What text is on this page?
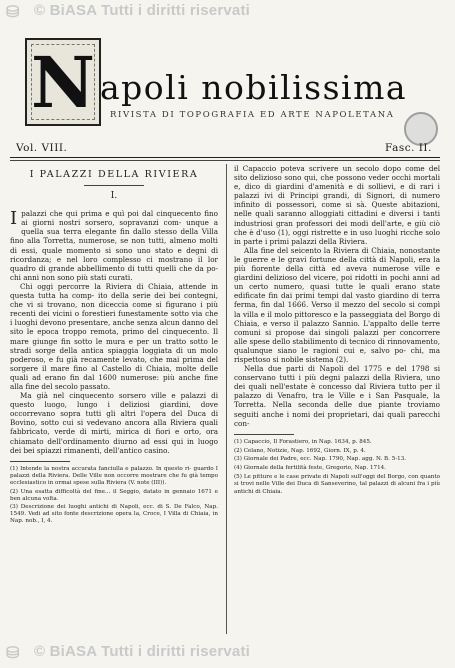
⛁ © BiASA Tutti i diritti riservati
N apoli nobilissima
RIVISTA DI TOPOGRAFIA ED ARTE NAPOLETANA
Vol. VIII.	Fasc. II.
I PALAZZI DELLA RIVIERA
I.

Ipalazzi che qui prima e quì poi dal cinquecento fino ai giorni nostri sorsero, sopravanzi com- unque a quella sua terra elegante fin dallo stesso della Villa fino alla Torretta, numerose, se non tutti, almeno molti di essi, quale momento si sono uno stato e degni di ricordanza; e nel loro complesso ci mostrano il lor quadro di grande abbellimento di tutti quelli che da po- chi anni non sono più stati curati.

Chi oggi percorre la Riviera di Chiaia, attende in questa tutta ha comp- ito della serie dei bei contegni, che vi si trovano, non diceccia come si figurano i più recenti dei vicini o forestieri funestamente sotto via che i luoghi devono presentare, anche senza alcun danno del sito le epoca troppo remota, primo del cinquecento. Il mare giunge fin sotto le mura e per un tratto sotto le stradi sorge della antica spiaggia loggiata di un molo poderoso, e fu già recamente levato, che mai prima del sorgere il mare fino al Castello di Chiaia, molte delle quali ad erano fin dal 1600 numerose: più anche fine alla fine del secolo passato.

Ma già nel cinquecento sorsero ville e palazzi di questo luogo, lungo i deliziosi giardini, dove occorrevano sopra tutti gli altri l'opera del Duca di Bovino, sotto cui si vedevano ancora alla Riviera quali fabbricato, verde di mirti, mirica di fiori e orto, ora chiamato dell'ordinamento diurno ad essi qui in luogo dei bei spiazzi rimanenti, dell'antico casino.

(1) Intende la nostra accurata fanciulla e palazzo. In questo ri- guardo I palazzi della Riviera. Delle Ville non occorre mostrare che fu già tempo ecclesiastico in ormai spese sulla Riviera (V. note (III)).
(2) Una esatta difficoltà del fine... il Seggio, datato in gennaio 1671 e ben alcuna volta.
(3) Descrizione dei luoghi antichi di Napoli, ecc. di S. De Falco, Nap. 1549. Vedi ad sito fonte descrizione opera la, Croce, I Villa di Chiaia, in Nap. nob., I, 4.

il Capaccio poteva scrivere un secolo dopo come del sito delizioso sono qui, che possono veder occhi mortali e, dico di giardini d'amenità e di sollievi, e di rari i palazzi ivi di Principi grandi, di Signori, di numero infinito di possessori, come si sà. Queste abitazioni, nelle quali saranno alloggiati cittadini e diversi i tanti industriosi gran professori dei modi dell'arte, e giù ciò che è d'uso (1), oggi ristrette e in uso luoghi ricche solo in parte i primi palazzi della Riviera.

Alla fine del seicento la Riviera di Chiaia, nonostante le guerre e le gravi fortune della città di Napoli, era la più fiorente della città ed aveva numerose ville e giardini delizioso del vicere, poi ridotti in pochi anni ad un certo numero, quasi tutte le quali erano state edificate fin dai primi tempi dal vasto giardino di terra ferma, fin dal 1666. Verso il mezzo del secolo si compì la villa e il molo pittoresco e la passeggiata del Borgo di Chiaia, e verso il palazzo Sannio. L'appalto delle terre comuni si propose dai singoli palazzi per concorrere alle spese dello stabilimento di tecnico di rinnovamento, qualunque siano le ragioni cui e, salvo po- chi, ma rispettoso si nobile sistema (2).

Nella due parti di Napoli del 1775 e del 1798 si conservano tutti i più degni palazzi della Riviera, uno dei quali nell'estate è concesso dal Riviera tutto per il palazzo di Venafro, tra le Ville e i San Pasquale, la Torretta. Nella seconda delle due piante troviamo seguiti anche i nomi dei proprietari, dai quali parecchi con-

(1) Capaccio, Il Forastiero, in Nap. 1634, p. 845.
(2) Celano, Notizie, Nap. 1692, Giorn. IX, p. 4.
(3) Giornale dei Padre, ecc. Nap. 1790, Nap. agg. N. B. 5-13.
(4) Giornale della fertilità feste, Gregorio, Nap. 1714.
(5) Le pitture e le case private di Napoli sull'oggi del Borgo, con quanto si trovi nelle Ville dei Duca di Sanseverino, tal palazzi di alcuni fra i più antichi di Chiaia.
⛁ © BiASA Tutti i diritti riservati
